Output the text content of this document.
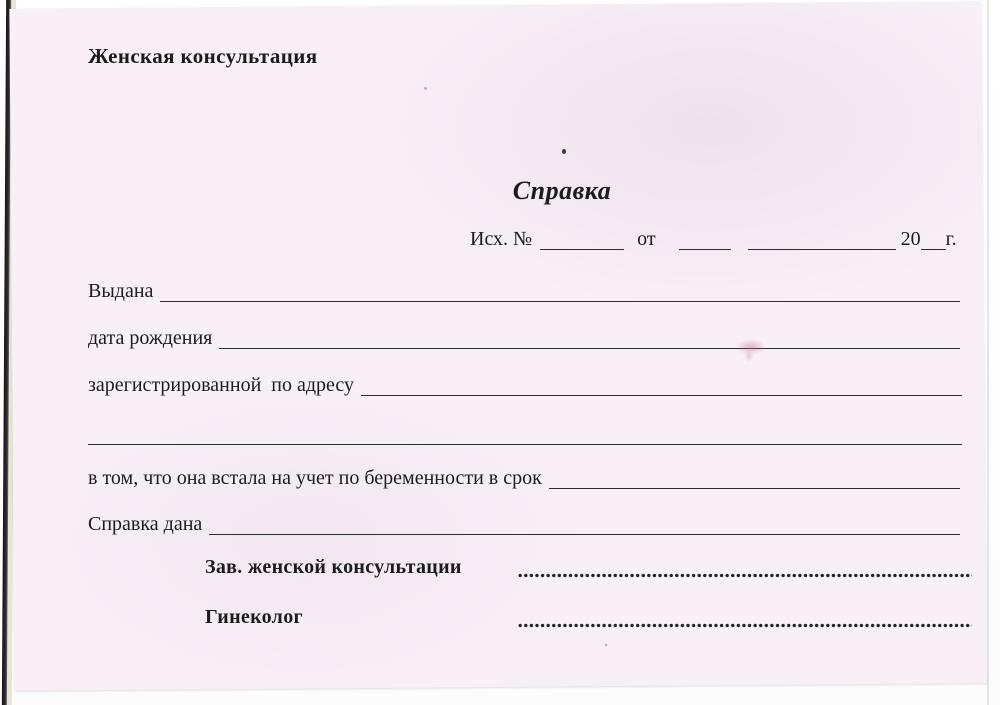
Женская консультация
Справка
Исх. №	от	20 г.
Выдана
дата рождения
зарегистрированной  по адресу
в том, что она встала на учет по беременности в срок
Справка дана
Зав. женской консультации
Гинеколог
`
